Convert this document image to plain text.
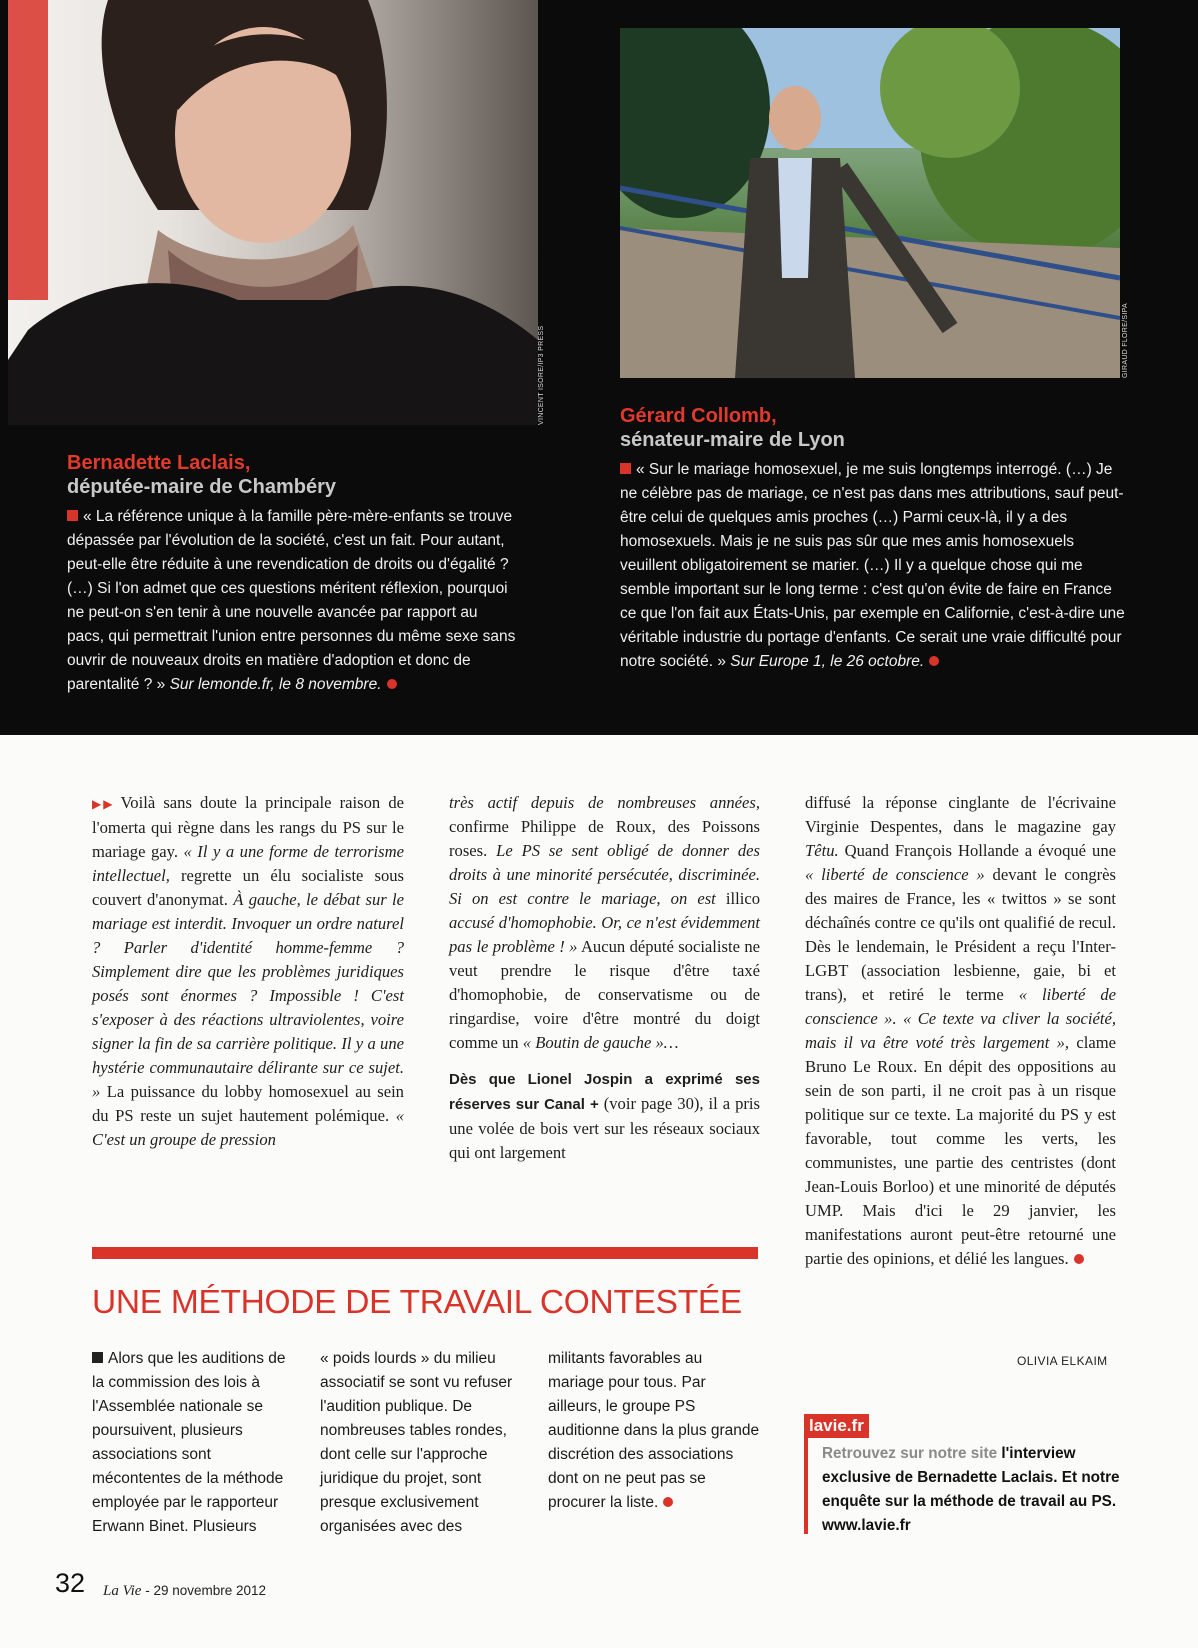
VINCENT ISORE/IP3 PRESS	GIRAUD FLORE/SIPA
Bernadette Laclais,
députée-maire de Chambéry
« La référence unique à la famille père-mère-enfants se trouve dépassée par l'évolution de la société, c'est un fait. Pour autant, peut-elle être réduite à une revendication de droits ou d'égalité ? (…) Si l'on admet que ces questions méritent réflexion, pourquoi ne peut-on s'en tenir à une nouvelle avancée par rapport au pacs, qui permettrait l'union entre personnes du même sexe sans ouvrir de nouveaux droits en matière d'adoption et donc de parentalité ? » Sur lemonde.fr, le 8 novembre.
Gérard Collomb,
sénateur-maire de Lyon
« Sur le mariage homosexuel, je me suis longtemps interrogé. (…) Je ne célèbre pas de mariage, ce n'est pas dans mes attributions, sauf peut-être celui de quelques amis proches (…) Parmi ceux-là, il y a des homosexuels. Mais je ne suis pas sûr que mes amis homosexuels veuillent obligatoirement se marier. (…) Il y a quelque chose qui me semble important sur le long terme : c'est qu'on évite de faire en France ce que l'on fait aux États-Unis, par exemple en Californie, c'est-à-dire une véritable industrie du portage d'enfants. Ce serait une vraie difficulté pour notre société. » Sur Europe 1, le 26 octobre.

▶▶ Voilà sans doute la principale raison de l'omerta qui règne dans les rangs du PS sur le mariage gay. « Il y a une forme de terrorisme intellectuel, regrette un élu socialiste sous couvert d'anonymat. À gauche, le débat sur le mariage est interdit. Invoquer un ordre naturel ? Parler d'identité homme-femme ? Simplement dire que les problèmes juridiques posés sont énormes ? Impossible ! C'est s'exposer à des réactions ultraviolentes, voire signer la fin de sa carrière politique. Il y a une hystérie communautaire délirante sur ce sujet. » La puissance du lobby homosexuel au sein du PS reste un sujet hautement polémique. « C'est un groupe de pression

très actif depuis de nombreuses années, confirme Philippe de Roux, des Poissons roses. Le PS se sent obligé de donner des droits à une minorité persécutée, discriminée. Si on est contre le mariage, on est illico accusé d'homophobie. Or, ce n'est évidemment pas le problème ! » Aucun député socialiste ne veut prendre le risque d'être taxé d'homophobie, de conservatisme ou de ringardise, voire d'être montré du doigt comme un « Boutin de gauche »…

Dès que Lionel Jospin a exprimé ses réserves sur Canal + (voir page 30), il a pris une volée de bois vert sur les réseaux sociaux qui ont largement

diffusé la réponse cinglante de l'écrivaine Virginie Despentes, dans le magazine gay Têtu. Quand François Hollande a évoqué une « liberté de conscience » devant le congrès des maires de France, les « twittos » se sont déchaînés contre ce qu'ils ont qualifié de recul. Dès le lendemain, le Président a reçu l'Inter-LGBT (association lesbienne, gaie, bi et trans), et retiré le terme « liberté de conscience ». « Ce texte va cliver la société, mais il va être voté très largement », clame Bruno Le Roux. En dépit des oppositions au sein de son parti, il ne croit pas à un risque politique sur ce texte. La majorité du PS y est favorable, tout comme les verts, les communistes, une partie des centristes (dont Jean-Louis Borloo) et une minorité de députés UMP. Mais d'ici le 29 janvier, les manifestations auront peut-être retourné une partie des opinions, et délié les langues.

OLIVIA ELKAIM
UNE MÉTHODE DE TRAVAIL CONTESTÉE
Alors que les auditions de la commission des lois à l'Assemblée nationale se poursuivent, plusieurs associations sont mécontentes de la méthode employée par le rapporteur Erwann Binet. Plusieurs
« poids lourds » du milieu associatif se sont vu refuser l'audition publique. De nombreuses tables rondes, dont celle sur l'approche juridique du projet, sont presque exclusivement organisées avec des
militants favorables au mariage pour tous. Par ailleurs, le groupe PS auditionne dans la plus grande discrétion des associations dont on ne peut pas se procurer la liste.
lavie.fr
Retrouvez sur notre site l'interview exclusive de Bernadette Laclais. Et notre enquête sur la méthode de travail au PS. www.lavie.fr
32 La Vie - 29 novembre 2012
